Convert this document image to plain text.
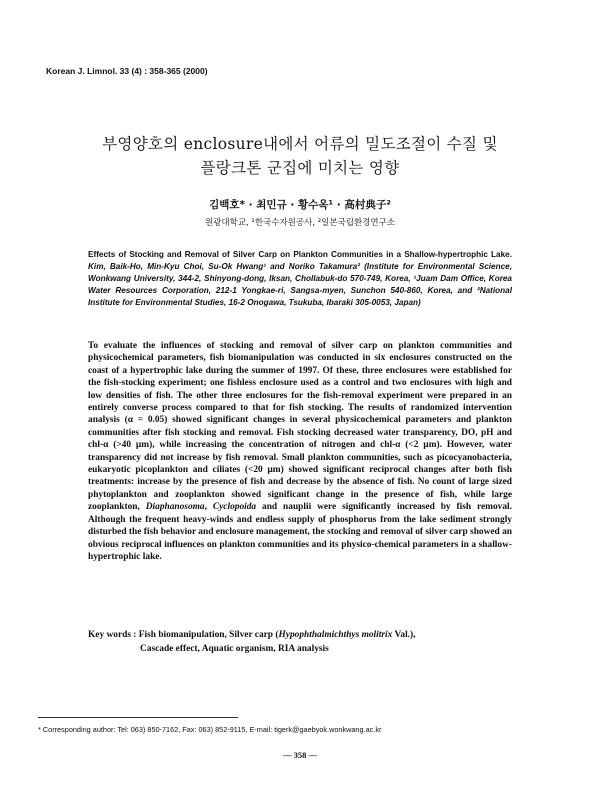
Korean J. Limnol. 33 (4) : 358-365 (2000)
부영양호의 enclosure내에서 어류의 밀도조절이 수질 및
플랑크톤 군집에 미치는 영향
김백호* · 최민규 · 황수옥¹ · 高村典子²
원광대학교, ¹한국수자원공사, ²일본국립환경연구소
Effects of Stocking and Removal of Silver Carp on Plankton Communities in a Shallow-hypertrophic Lake. Kim, Baik-Ho, Min-Kyu Choi, Su-Ok Hwang¹ and Noriko Takamura² (Institute for Environmental Science, Wonkwang University, 344-2, Shinyong-dong, Iksan, Chollabuk-do 570-749, Korea, ¹Juam Dam Office, Korea Water Resources Corporation, 212-1 Yongkae-ri, Sangsa-myen, Sunchon 540-860, Korea, and ²National Institute for Environmental Studies, 16-2 Onogawa, Tsukuba, Ibaraki 305-0053, Japan)
To evaluate the influences of stocking and removal of silver carp on plankton communities and physicochemical parameters, fish biomanipulation was conducted in six enclosures constructed on the coast of a hypertrophic lake during the summer of 1997. Of these, three enclosures were established for the fish-stocking experiment; one fishless enclosure used as a control and two enclosures with high and low densities of fish. The other three enclosures for the fish-removal experiment were prepared in an entirely converse process compared to that for fish stocking. The results of randomized intervention analysis (α = 0.05) showed significant changes in several physicochemical parameters and plankton communities after fish stocking and removal. Fish stocking decreased water transparency, DO, pH and chl-α (>40 µm), while increasing the concentration of nitrogen and chl-α (<2 µm). However, water transparency did not increase by fish removal. Small plankton communities, such as picocyanobacteria, eukaryotic picoplankton and ciliates (<20 µm) showed significant reciprocal changes after both fish treatments: increase by the presence of fish and decrease by the absence of fish. No count of large sized phytoplankton and zooplankton showed significant change in the presence of fish, while large zooplankton, Diaphanosoma, Cyclopoida and nauplii were significantly increased by fish removal. Although the frequent heavy-winds and endless supply of phosphorus from the lake sediment strongly disturbed the fish behavior and enclosure management, the stocking and removal of silver carp showed an obvious reciprocal influences on plankton communities and its physico-chemical parameters in a shallow-hypertrophic lake.
Key words : Fish biomanipulation, Silver carp (Hypophthalmichthys molitrix Val.),
Cascade effect, Aquatic organism, RIA analysis
* Corresponding author: Tel: 063) 850-7162, Fax: 063) 852-9115, E-mail: tigerk@gaebyok.wonkwang.ac.kr
— 358 —
